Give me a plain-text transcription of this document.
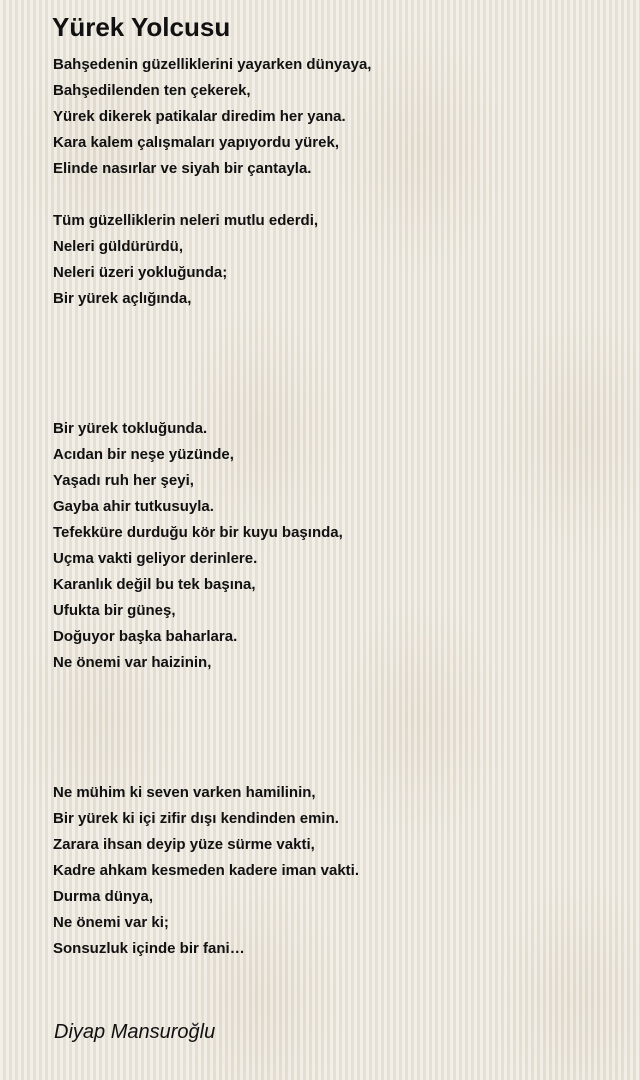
Yürek Yolcusu
Bahşedenin güzelliklerini yayarken dünyaya,
Bahşedilenden ten çekerek,
Yürek dikerek patikalar diredim her yana.
Kara kalem çalışmaları yapıyordu yürek,
Elinde nasırlar ve siyah bir çantayla.
Tüm güzelliklerin neleri mutlu ederdi,
Neleri güldürürdü,
Neleri üzeri yokluğunda;
Bir yürek açlığında,
Bir yürek tokluğunda.
Acıdan bir neşe yüzünde,
Yaşadı ruh her şeyi,
Gayba ahir tutkusuyla.
Tefekküre durduğu kör bir kuyu başında,
Uçma vakti geliyor derinlere.
Karanlık değil bu tek başına,
Ufukta bir güneş,
Doğuyor başka baharlara.
Ne önemi var haizinin,
Ne mühim ki seven varken hamilinin,
Bir yürek ki içi zifir dışı kendinden emin.
Zarara ihsan deyip yüze sürme vakti,
Kadre ahkam kesmeden kadere iman vakti.
Durma dünya,
Ne önemi var ki;
Sonsuzluk içinde bir fani…
Diyap Mansuroğlu
